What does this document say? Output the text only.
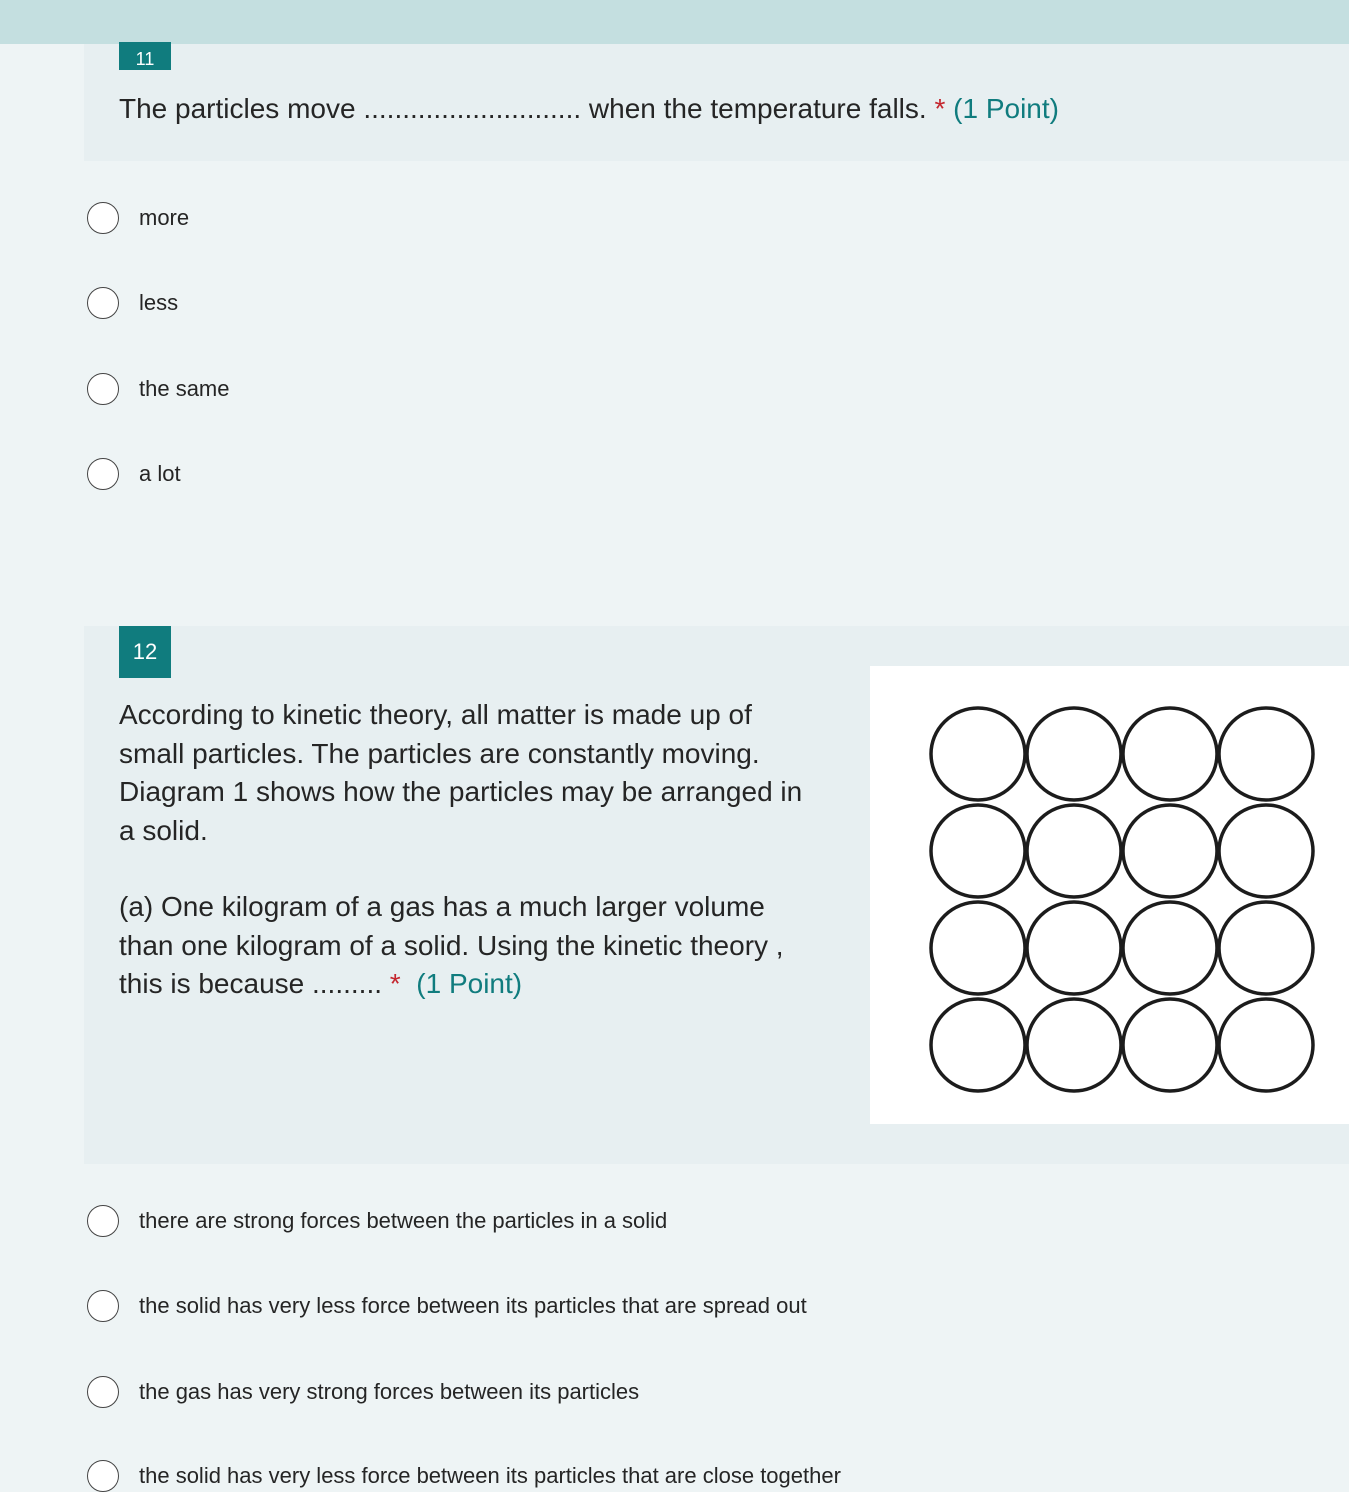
11
The particles move ............................ when the temperature falls. * (1 Point)
more
less
the same
a lot
12

According to kinetic theory, all matter is made up of small particles. The particles are constantly moving. Diagram 1 shows how the particles may be arranged in a solid.

(a) One kilogram of a gas has a much larger volume than one kilogram of a solid. Using the kinetic theory , this is because ......... * (1 Point)

there are strong forces between the particles in a solid
the solid has very less force between its particles that are spread out
the gas has very strong forces between its particles
the solid has very less force between its particles that are close together
